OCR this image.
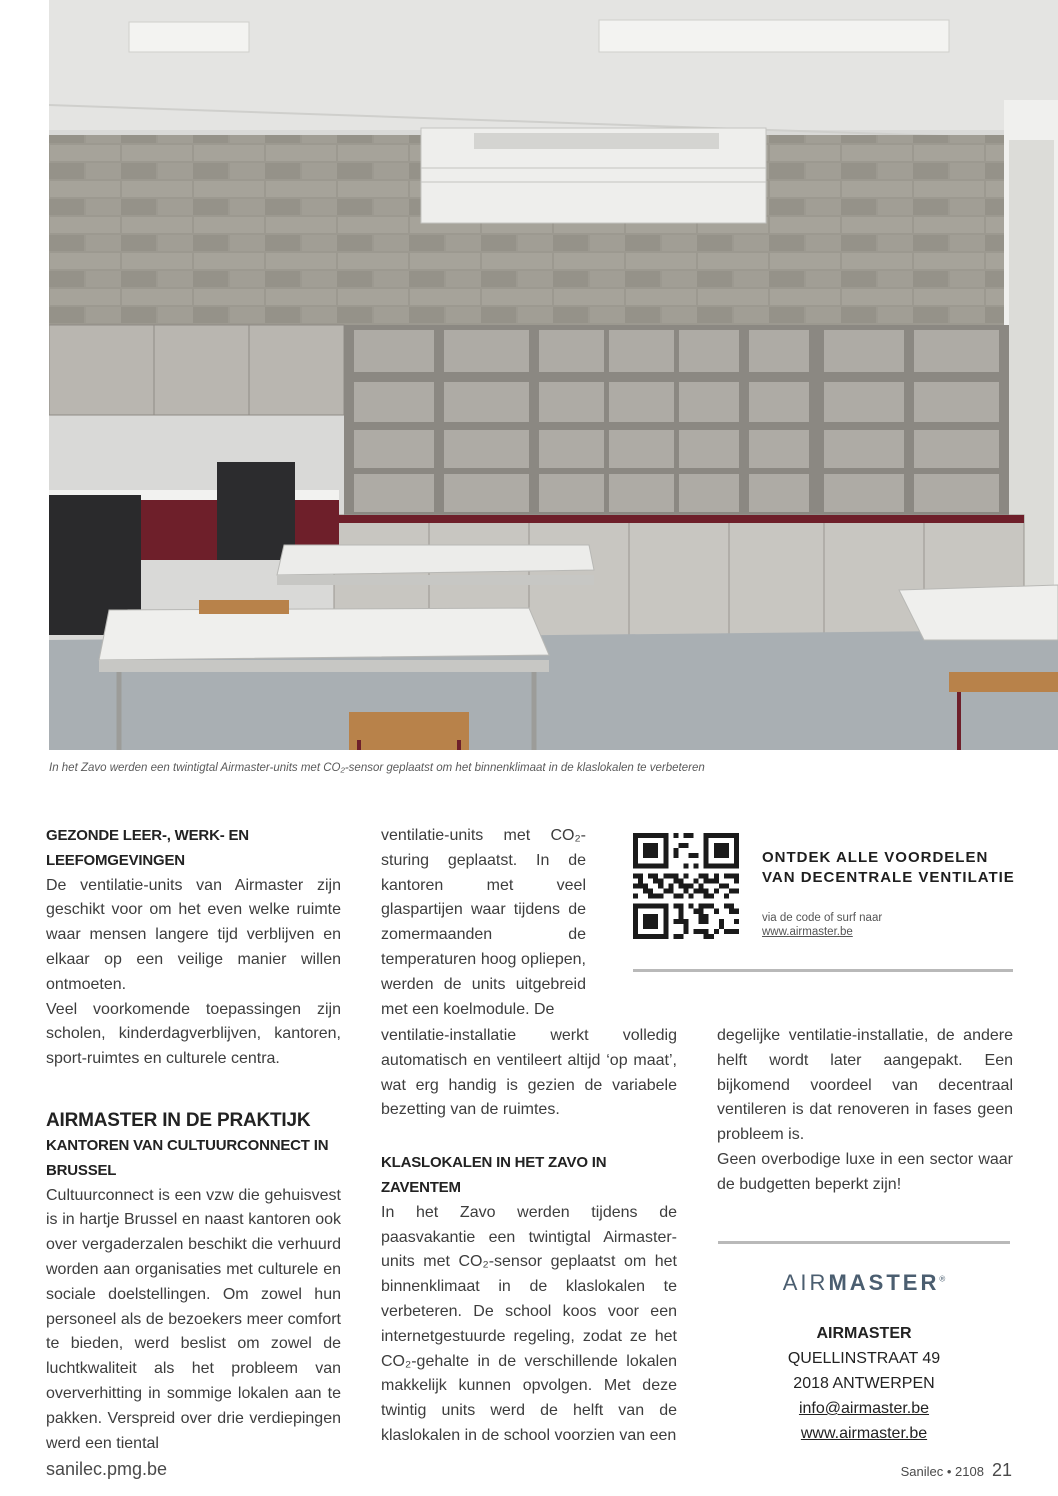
In het Zavo werden een twintigtal Airmaster-units met CO₂-sensor geplaatst om het binnenklimaat in de klaslokalen te verbeteren
GEZONDE LEER-, WERK- EN LEEFOMGEVINGEN

De ventilatie-units van Airmaster zijn geschikt voor om het even welke ruimte waar mensen langere tijd verblijven en elkaar op een veilige manier willen ontmoeten.

Veel voorkomende toepassingen zijn scholen, kinderdagverblijven, kantoren, sport-ruimtes en culturele centra.

AIRMASTER IN DE PRAKTIJK
KANTOREN VAN CULTUURCONNECT IN BRUSSEL

Cultuurconnect is een vzw die gehuisvest is in hartje Brussel en naast kantoren ook over vergaderzalen beschikt die verhuurd worden aan organisaties met culturele en sociale doelstellingen. Om zowel hun personeel als de bezoekers meer comfort te bieden, werd beslist om zowel de luchtkwaliteit als het probleem van oververhitting in sommige lokalen aan te pakken. Verspreid over drie verdiepingen werd een tiental

ventilatie-units met CO₂-sturing geplaatst. In de kantoren met veel glaspartijen waar tijdens de zomermaanden de temperaturen hoog opliepen, werden de units uitgebreid met een koelmodule. De

ventilatie-installatie werkt volledig automatisch en ventileert altijd ‘op maat’, wat erg handig is gezien de variabele bezetting van de ruimtes.

KLASLOKALEN IN HET ZAVO IN ZAVENTEM

In het Zavo werden tijdens de paasvakantie een twintigtal Airmaster-units met CO₂-sensor geplaatst om het binnenklimaat in de klaslokalen te verbeteren. De school koos voor een internetgestuurde regeling, zodat ze het CO₂-gehalte in de verschillende lokalen makkelijk kunnen opvolgen. Met deze twintig units werd de helft van de klaslokalen in de school voorzien van een

ONTDEK ALLE VOORDELEN VAN DECENTRALE VENTILATIE
via de code of surf naar
www.airmaster.be

degelijke ventilatie-installatie, de andere helft wordt later aangepakt. Een bijkomend voordeel van decentraal ventileren is dat renoveren in fases geen probleem is.

Geen overbodige luxe in een sector waar de budgetten beperkt zijn!

AIRMASTER®
AIRMASTER
QUELLINSTRAAT 49
2018 ANTWERPEN
info@airmaster.be
www.airmaster.be
sanilec.pmg.be	Sanilec • 2108 21
